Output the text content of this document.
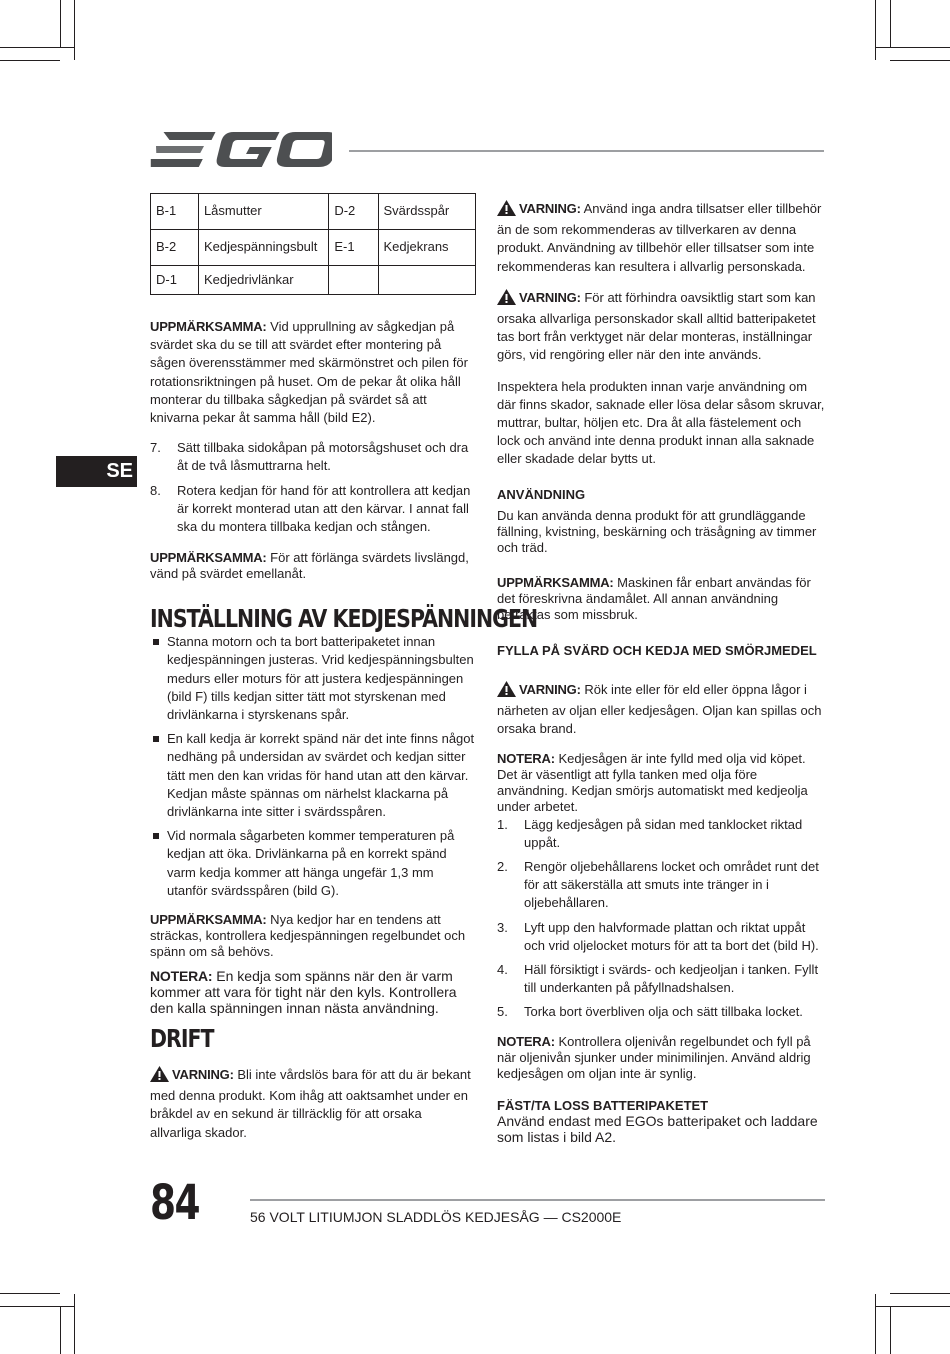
SE
B-1	Låsmutter	D-2	Svärdsspår
B-2	Kedjespänningsbult	E-1	Kedjekrans
D-1	Kedjedrivlänkar		

UPPMÄRKSAMMA: Vid upprullning av sågkedjan på svärdet ska du se till att svärdet efter montering på sågen överensstämmer med skärmönstret och pilen för rotationsriktningen på huset. Om de pekar åt olika håll monterar du tillbaka sågkedjan på svärdet så att knivarna pekar åt samma håll (bild E2).

7. Sätt tillbaka sidokåpan på motorsågshuset och dra åt de två låsmuttrarna helt.
8. Rotera kedjan för hand för att kontrollera att kedjan är korrekt monterad utan att den kärvar. I annat fall ska du montera tillbaka kedjan och stången.

UPPMÄRKSAMMA: För att förlänga svärdets livslängd, vänd på svärdet emellanåt.

INSTÄLLNING AV KEDJESPÄNNINGEN
Stanna motorn och ta bort batteripaketet innan kedjespänningen justeras. Vrid kedjespänningsbulten medurs eller moturs för att justera kedjespänningen (bild F) tills kedjan sitter tätt mot styrskenan med drivlänkarna i styrskenans spår.
En kall kedja är korrekt spänd när det inte finns något nedhäng på undersidan av svärdet och kedjan sitter tätt men den kan vridas för hand utan att den kärvar. Kedjan måste spännas om närhelst klackarna på drivlänkarna inte sitter i svärdsspåren.
Vid normala sågarbeten kommer temperaturen på kedjan att öka. Drivlänkarna på en korrekt spänd varm kedja kommer att hänga ungefär 1,3 mm utanför svärdsspåren (bild G).

UPPMÄRKSAMMA: Nya kedjor har en tendens att sträckas, kontrollera kedjespänningen regelbundet och spänn om så behövs.

NOTERA: En kedja som spänns när den är varm kommer att vara för tight när den kyls. Kontrollera den kalla spänningen innan nästa användning.

DRIFT

VARNING: Bli inte vårdslös bara för att du är bekant med denna produkt. Kom ihåg att oaktsamhet under en bråkdel av en sekund är tillräcklig för att orsaka allvarliga skador.

VARNING: Använd inga andra tillsatser eller tillbehör än de som rekommenderas av tillverkaren av denna produkt. Användning av tillbehör eller tillsatser som inte rekommenderas kan resultera i allvarlig personskada.

VARNING: För att förhindra oavsiktlig start som kan orsaka allvarliga personskador skall alltid batteripaketet tas bort från verktyget när delar monteras, inställningar görs, vid rengöring eller när den inte används.

Inspektera hela produkten innan varje användning om där finns skador, saknade eller lösa delar såsom skruvar, muttrar, bultar, höljen etc. Dra åt alla fästelement och lock och använd inte denna produkt innan alla saknade eller skadade delar bytts ut.

ANVÄNDNING

Du kan använda denna produkt för att grundläggande fällning, kvistning, beskärning och träsågning av timmer och träd.

UPPMÄRKSAMMA: Maskinen får enbart användas för det föreskrivna ändamålet. All annan användning betraktas som missbruk.

FYLLA PÅ SVÄRD OCH KEDJA MED SMÖRJMEDEL

VARNING: Rök inte eller för eld eller öppna lågor i närheten av oljan eller kedjesågen. Oljan kan spillas och orsaka brand.

NOTERA: Kedjesågen är inte fylld med olja vid köpet. Det är väsentligt att fylla tanken med olja före användning. Kedjan smörjs automatiskt med kedjeolja under arbetet.

1. Lägg kedjesågen på sidan med tanklocket riktad uppåt.
2. Rengör oljebehållarens locket och området runt det för att säkerställa att smuts inte tränger in i oljebehållaren.
3. Lyft upp den halvformade plattan och riktat uppåt och vrid oljelocket moturs för att ta bort det (bild H).
4. Häll försiktigt i svärds- och kedjeoljan i tanken. Fyllt till underkanten på påfyllnadshalsen.
5. Torka bort överbliven olja och sätt tillbaka locket.

NOTERA: Kontrollera oljenivån regelbundet och fyll på när oljenivån sjunker under minimilinjen. Använd aldrig kedjesågen om oljan inte är synlig.

FÄST/TA LOSS BATTERIPAKETET

Använd endast med EGOs batteripaket och laddare som listas i bild A2.

84	56 VOLT LITIUMJON SLADDLÖS KEDJESÅG — CS2000E
